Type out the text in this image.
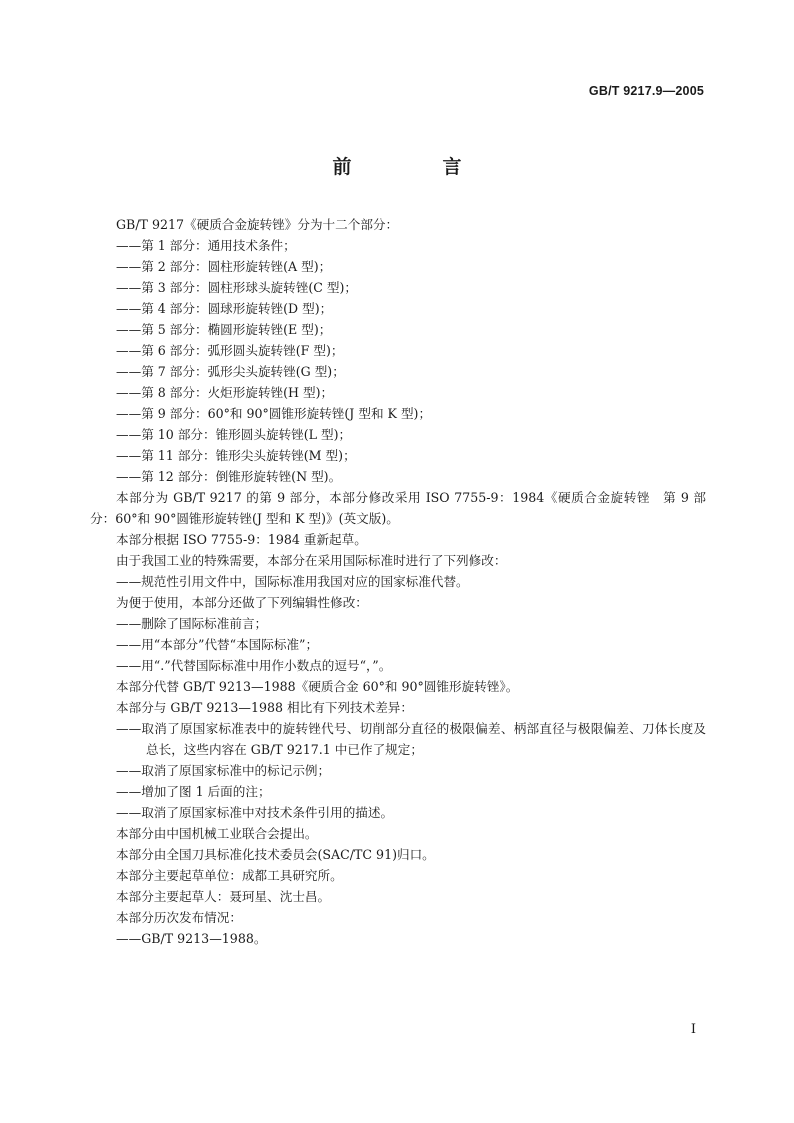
GB/T 9217.9—2005
前　言
GB/T 9217《硬质合金旋转锉》分为十二个部分：
——第 1 部分：通用技术条件；
——第 2 部分：圆柱形旋转锉(A 型)；
——第 3 部分：圆柱形球头旋转锉(C 型)；
——第 4 部分：圆球形旋转锉(D 型)；
——第 5 部分：椭圆形旋转锉(E 型)；
——第 6 部分：弧形圆头旋转锉(F 型)；
——第 7 部分：弧形尖头旋转锉(G 型)；
——第 8 部分：火炬形旋转锉(H 型)；
——第 9 部分：60°和 90°圆锥形旋转锉(J 型和 K 型)；
——第 10 部分：锥形圆头旋转锉(L 型)；
——第 11 部分：锥形尖头旋转锉(M 型)；
——第 12 部分：倒锥形旋转锉(N 型)。
本部分为 GB/T 9217 的第 9 部分，本部分修改采用 ISO 7755-9：1984《硬质合金旋转锉　第 9 部分：60°和 90°圆锥形旋转锉(J 型和 K 型)》(英文版)。
本部分根据 ISO 7755-9：1984 重新起草。
由于我国工业的特殊需要，本部分在采用国际标准时进行了下列修改：
——规范性引用文件中，国际标准用我国对应的国家标准代替。
为便于使用，本部分还做了下列编辑性修改：
——删除了国际标准前言；
——用“本部分”代替“本国际标准”；
——用“.”代替国际标准中用作小数点的逗号“，”。
本部分代替 GB/T 9213—1988《硬质合金 60°和 90°圆锥形旋转锉》。
本部分与 GB/T 9213—1988 相比有下列技术差异：
——取消了原国家标准表中的旋转锉代号、切削部分直径的极限偏差、柄部直径与极限偏差、刀体长度及总长，这些内容在 GB/T 9217.1 中已作了规定；
——取消了原国家标准中的标记示例；
——增加了图 1 后面的注；
——取消了原国家标准中对技术条件引用的描述。
本部分由中国机械工业联合会提出。
本部分由全国刀具标准化技术委员会(SAC/TC 91)归口。
本部分主要起草单位：成都工具研究所。
本部分主要起草人：聂珂星、沈士昌。
本部分历次发布情况：
——GB/T 9213—1988。
I
